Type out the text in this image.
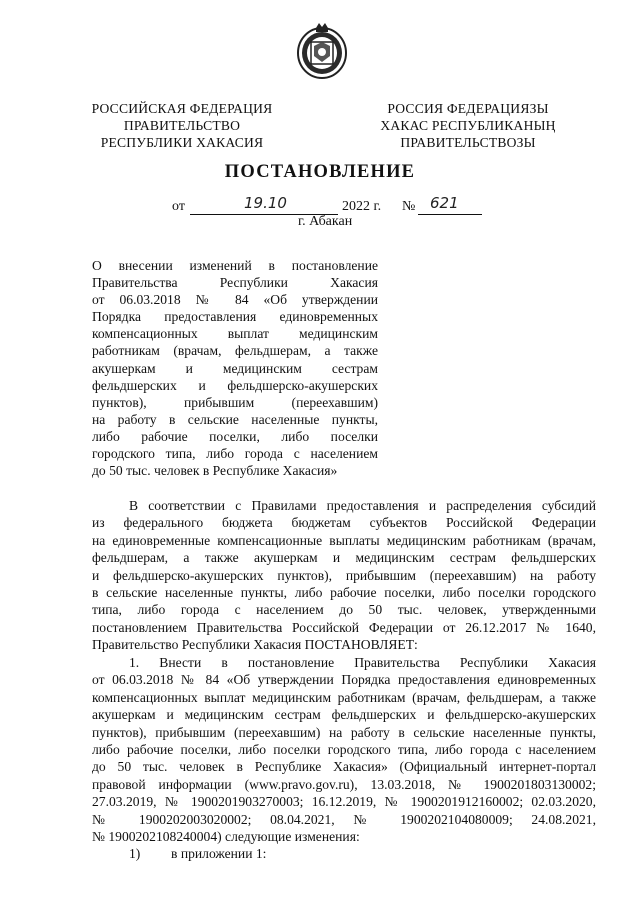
РОССИЙСКАЯ ФЕДЕРАЦИЯ
ПРАВИТЕЛЬСТВО
РЕСПУБЛИКИ ХАКАСИЯ
РОССИЯ ФЕДЕРАЦИЯЗЫ
ХАКАС РЕСПУБЛИКАНЫҢ
ПРАВИТЕЛЬСТВОЗЫ
ПОСТАНОВЛЕНИЕ
от	19.10	2022 г. № 621
г. Абакан
О внесении изменений в постановление
Правительства Республики Хакасия
от 06.03.2018 № 84 «Об утверждении
Порядка предоставления единовременных
компенсационных выплат медицинским
работникам (врачам, фельдшерам, а также
акушеркам и медицинским сестрам
фельдшерских и фельдшерско-акушерских
пунктов), прибывшим (переехавшим)
на работу в сельские населенные пункты,
либо рабочие поселки, либо поселки
городского типа, либо города с населением
до 50 тыс. человек в Республике Хакасия»
В соответствии с Правилами предоставления и распределения субсидий
из федерального бюджета бюджетам субъектов Российской Федерации
на единовременные компенсационные выплаты медицинским работникам (врачам,
фельдшерам, а также акушеркам и медицинским сестрам фельдшерских
и фельдшерско-акушерских пунктов), прибывшим (переехавшим) на работу
в сельские населенные пункты, либо рабочие поселки, либо поселки городского
типа, либо города с населением до 50 тыс. человек, утвержденными
постановлением Правительства Российской Федерации от 26.12.2017 № 1640,
Правительство Республики Хакасия ПОСТАНОВЛЯЕТ:
1. Внести в постановление Правительства Республики Хакасия
от 06.03.2018 № 84 «Об утверждении Порядка предоставления единовременных
компенсационных выплат медицинским работникам (врачам, фельдшерам, а также
акушеркам и медицинским сестрам фельдшерских и фельдшерско-акушерских
пунктов), прибывшим (переехавшим) на работу в сельские населенные пункты,
либо рабочие поселки, либо поселки городского типа, либо города с населением
до 50 тыс. человек в Республике Хакасия» (Официальный интернет-портал
правовой информации (www.pravo.gov.ru), 13.03.2018, № 1900201803130002;
27.03.2019, № 1900201903270003; 16.12.2019, № 1900201912160002; 02.03.2020,
№ 1900202003020002; 08.04.2021, № 1900202104080009; 24.08.2021,
№ 1900202108240004) следующие изменения:
1) в приложении 1:
